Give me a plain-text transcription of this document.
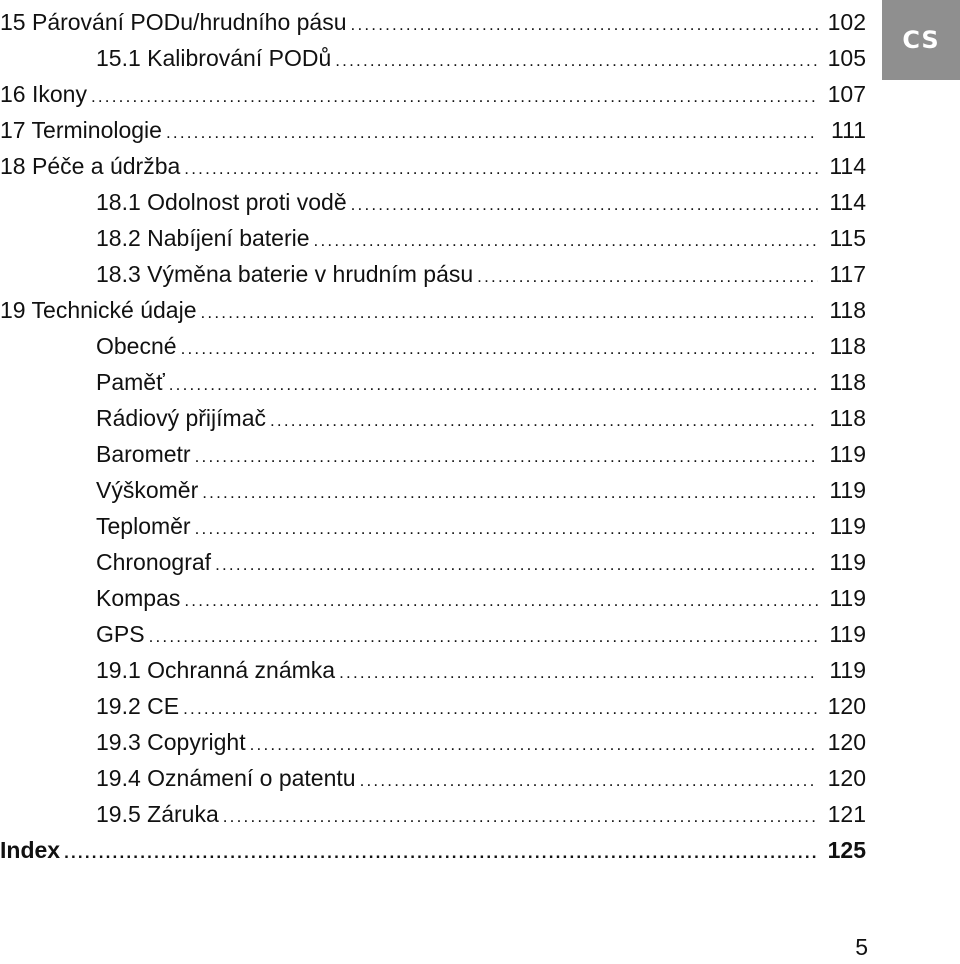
15 Párování PODu/hrudního pásu .....	102
15.1 Kalibrování PODů .....	105
16 Ikony .....	107
17 Terminologie .....	111
18 Péče a údržba .....	114
18.1 Odolnost proti vodě .....	114
18.2 Nabíjení baterie .....	115
18.3 Výměna baterie v hrudním pásu .....	117
19 Technické údaje .....	118
Obecné .....	118
Paměť .....	118
Rádiový přijímač .....	118
Barometr .....	119
Výškoměr .....	119
Teploměr .....	119
Chronograf .....	119
Kompas .....	119
GPS .....	119
19.1 Ochranná známka .....	119
19.2 CE .....	120
19.3 Copyright .....	120
19.4 Oznámení o patentu .....	120
19.5 Záruka .....	121
Index .....	125
CS
5
